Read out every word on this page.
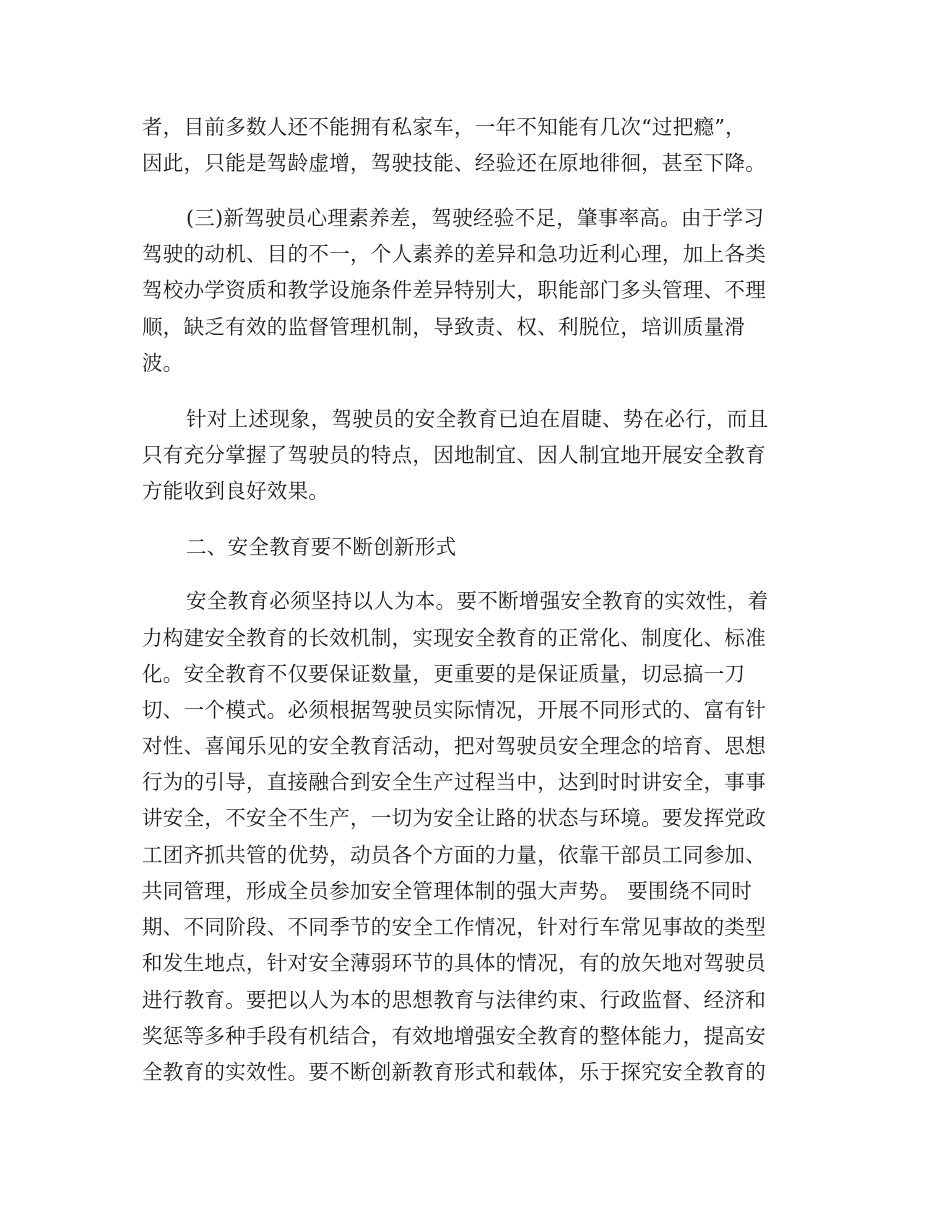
者，目前多数人还不能拥有私家车，一年不知能有几次“过把瘾”，
因此，只能是驾龄虚增，驾驶技能、经验还在原地徘徊，甚至下降。
(三)新驾驶员心理素养差，驾驶经验不足，肇事率高。由于学习
驾驶的动机、目的不一，个人素养的差异和急功近利心理，加上各类
驾校办学资质和教学设施条件差异特别大，职能部门多头管理、不理
顺，缺乏有效的监督管理机制，导致责、权、利脱位，培训质量滑
波。
针对上述现象，驾驶员的安全教育已迫在眉睫、势在必行，而且
只有充分掌握了驾驶员的特点，因地制宜、因人制宜地开展安全教育
方能收到良好效果。
二、安全教育要不断创新形式
安全教育必须坚持以人为本。要不断增强安全教育的实效性，着
力构建安全教育的长效机制，实现安全教育的正常化、制度化、标准
化。安全教育不仅要保证数量，更重要的是保证质量，切忌搞一刀
切、一个模式。必须根据驾驶员实际情况，开展不同形式的、富有针
对性、喜闻乐见的安全教育活动，把对驾驶员安全理念的培育、思想
行为的引导，直接融合到安全生产过程当中，达到时时讲安全，事事
讲安全，不安全不生产，一切为安全让路的状态与环境。要发挥党政
工团齐抓共管的优势，动员各个方面的力量，依靠干部员工同参加、
共同管理，形成全员参加安全管理体制的强大声势。 要围绕不同时
期、不同阶段、不同季节的安全工作情况，针对行车常见事故的类型
和发生地点，针对安全薄弱环节的具体的情况，有的放矢地对驾驶员
进行教育。要把以人为本的思想教育与法律约束、行政监督、经济和
奖惩等多种手段有机结合，有效地增强安全教育的整体能力，提高安
全教育的实效性。要不断创新教育形式和载体，乐于探究安全教育的
